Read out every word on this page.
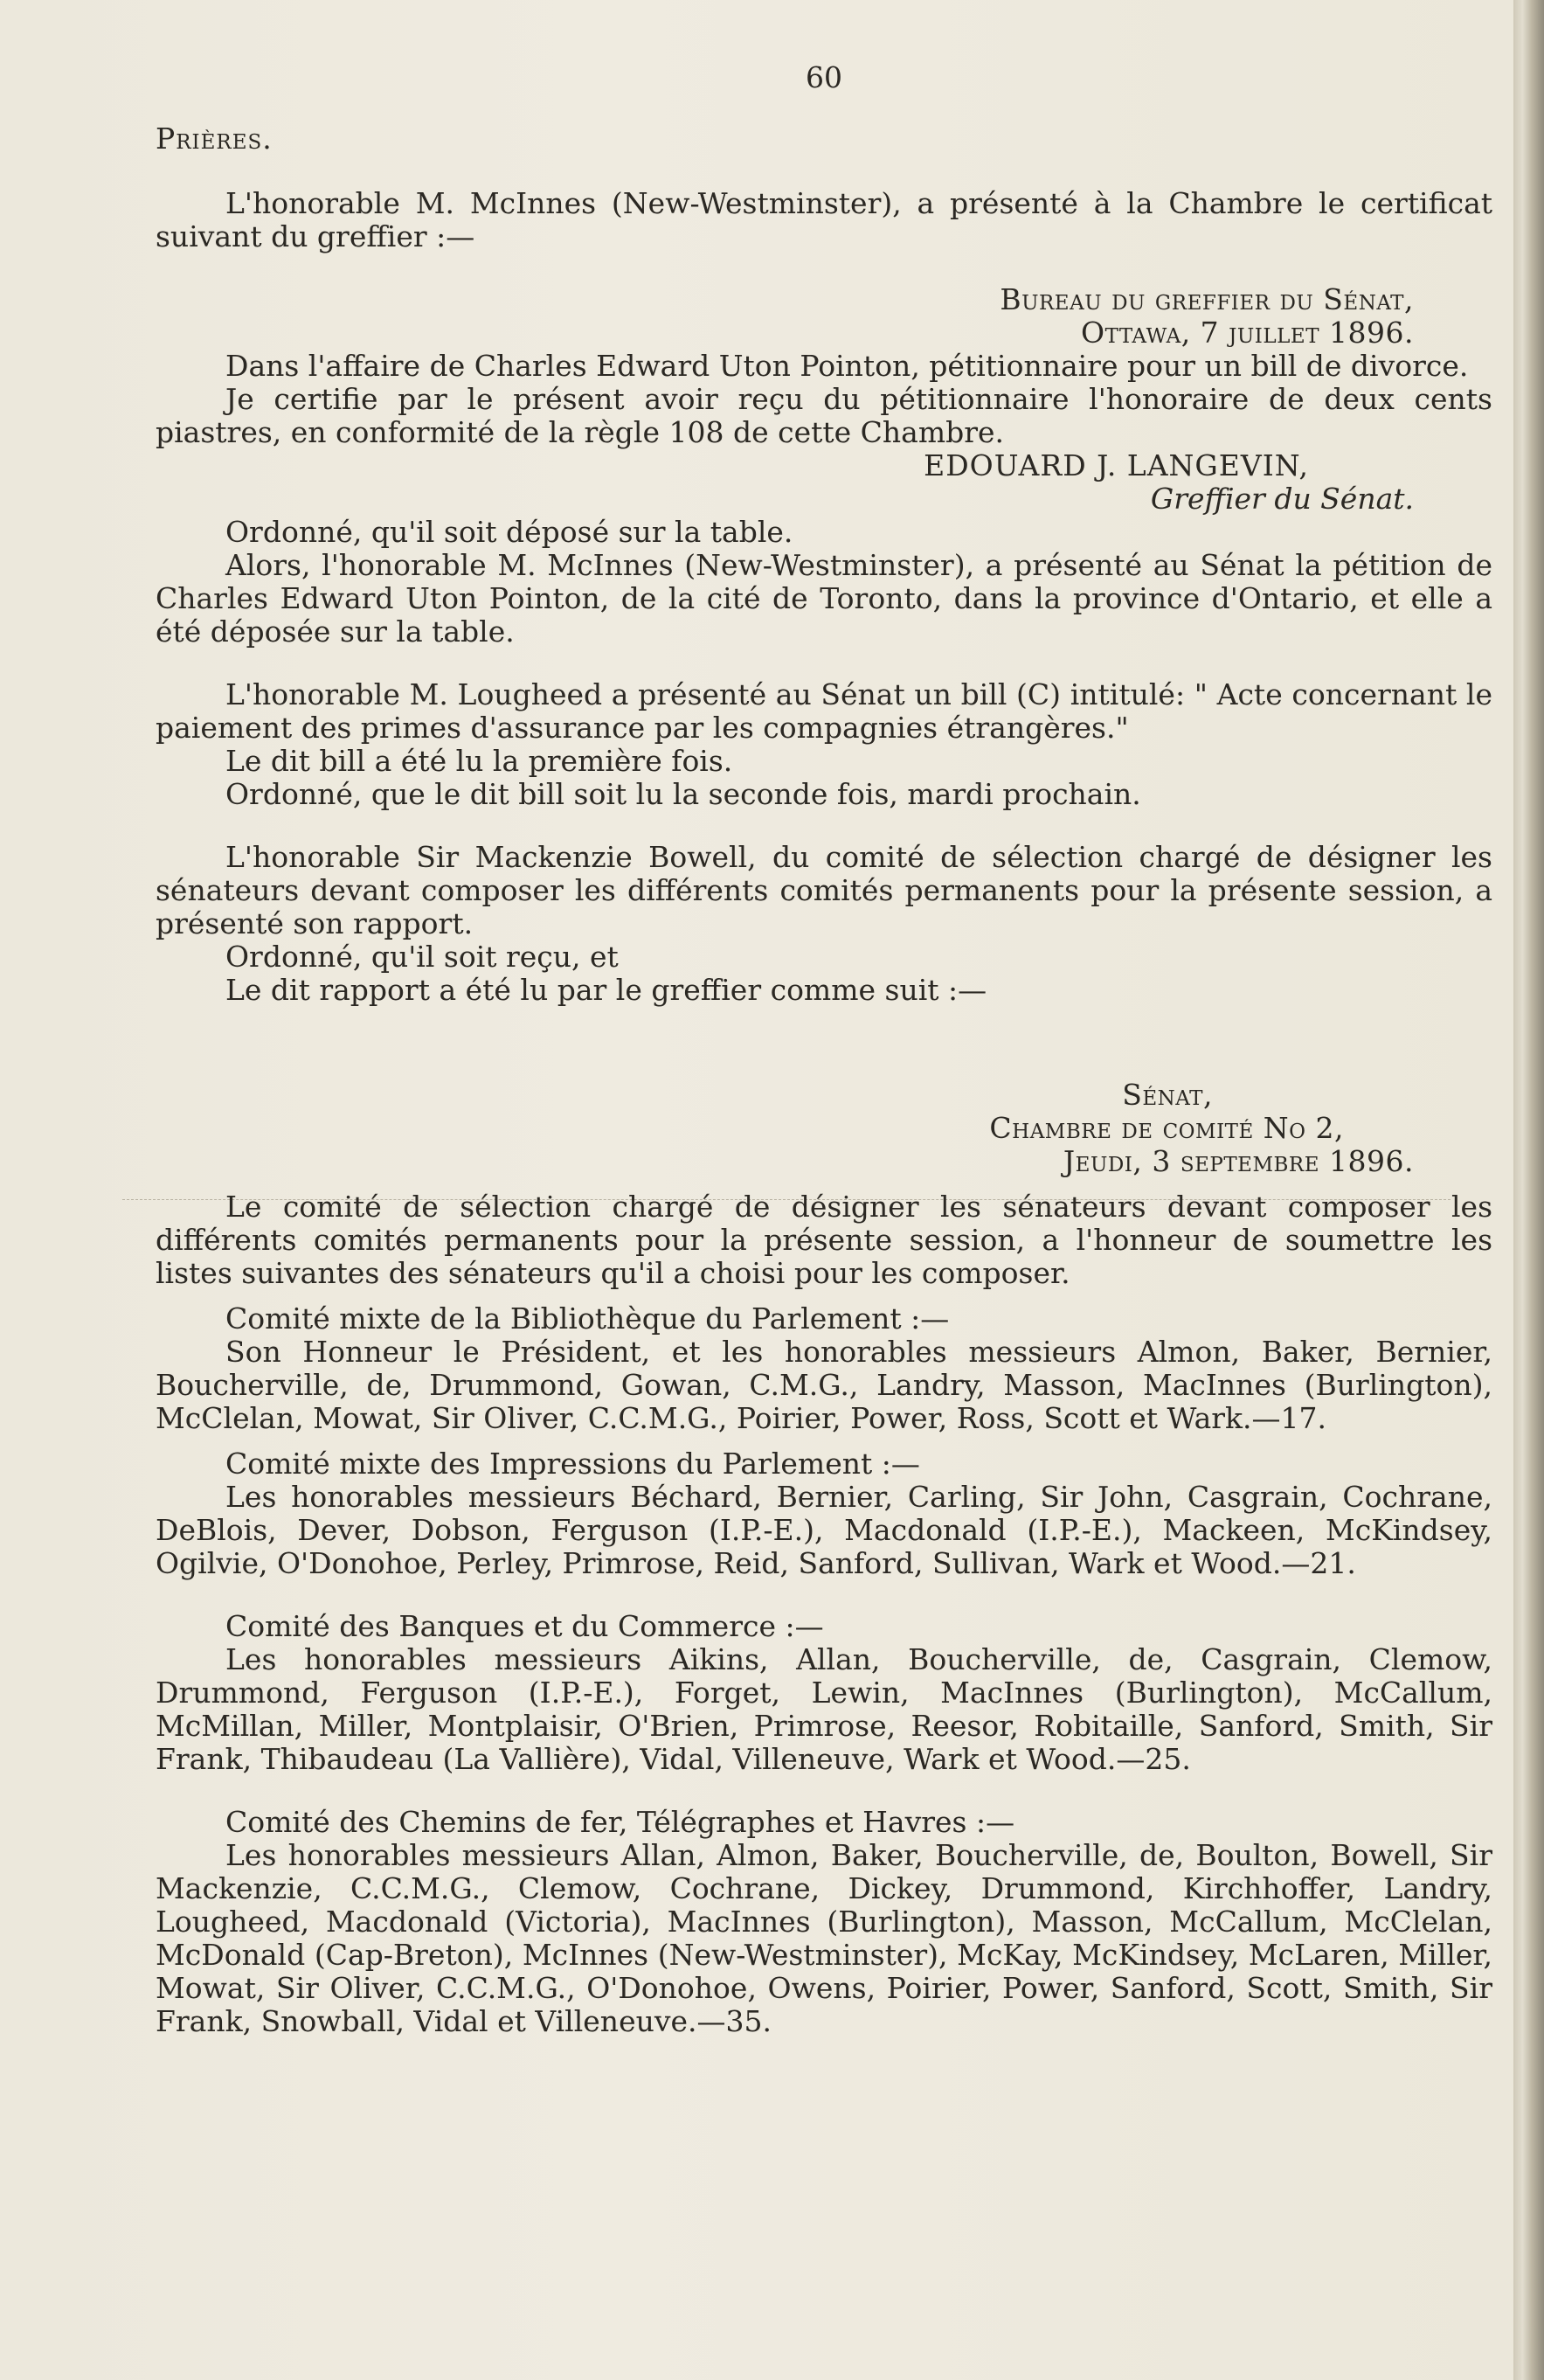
60
Prières.

L'honorable M. McInnes (New-Westminster), a présenté à la Chambre le certificat suivant du greffier :—

Bureau du greffier du Sénat,
Ottawa, 7 juillet 1896.

Dans l'affaire de Charles Edward Uton Pointon, pétitionnaire pour un bill de divorce.

Je certifie par le présent avoir reçu du pétitionnaire l'honoraire de deux cents piastres, en conformité de la règle 108 de cette Chambre.

EDOUARD J. LANGEVIN,
Greffier du Sénat.

Ordonné, qu'il soit déposé sur la table.

Alors, l'honorable M. McInnes (New-Westminster), a présenté au Sénat la pétition de Charles Edward Uton Pointon, de la cité de Toronto, dans la province d'Ontario, et elle a été déposée sur la table.

L'honorable M. Lougheed a présenté au Sénat un bill (C) intitulé: " Acte concernant le paiement des primes d'assurance par les compagnies étrangères."

Le dit bill a été lu la première fois.

Ordonné, que le dit bill soit lu la seconde fois, mardi prochain.

L'honorable Sir Mackenzie Bowell, du comité de sélection chargé de désigner les sénateurs devant composer les différents comités permanents pour la présente session, a présenté son rapport.

Ordonné, qu'il soit reçu, et

Le dit rapport a été lu par le greffier comme suit :—

Sénat,
Chambre de comité No 2,
Jeudi, 3 septembre 1896.

Le comité de sélection chargé de désigner les sénateurs devant composer les différents comités permanents pour la présente session, a l'honneur de soumettre les listes suivantes des sénateurs qu'il a choisi pour les composer.

Comité mixte de la Bibliothèque du Parlement :—

Son Honneur le Président, et les honorables messieurs Almon, Baker, Bernier, Boucherville, de, Drummond, Gowan, C.M.G., Landry, Masson, MacInnes (Burlington), McClelan, Mowat, Sir Oliver, C.C.M.G., Poirier, Power, Ross, Scott et Wark.—17.

Comité mixte des Impressions du Parlement :—

Les honorables messieurs Béchard, Bernier, Carling, Sir John, Casgrain, Cochrane, DeBlois, Dever, Dobson, Ferguson (I.P.-E.), Macdonald (I.P.-E.), Mackeen, McKindsey, Ogilvie, O'Donohoe, Perley, Primrose, Reid, Sanford, Sullivan, Wark et Wood.—21.

Comité des Banques et du Commerce :—

Les honorables messieurs Aikins, Allan, Boucherville, de, Casgrain, Clemow, Drummond, Ferguson (I.P.-E.), Forget, Lewin, MacInnes (Burlington), McCallum, McMillan, Miller, Montplaisir, O'Brien, Primrose, Reesor, Robitaille, Sanford, Smith, Sir Frank, Thibaudeau (La Vallière), Vidal, Villeneuve, Wark et Wood.—25.

Comité des Chemins de fer, Télégraphes et Havres :—

Les honorables messieurs Allan, Almon, Baker, Boucherville, de, Boulton, Bowell, Sir Mackenzie, C.C.M.G., Clemow, Cochrane, Dickey, Drummond, Kirchhoffer, Landry, Lougheed, Macdonald (Victoria), MacInnes (Burlington), Masson, McCallum, McClelan, McDonald (Cap-Breton), McInnes (New-Westminster), McKay, McKindsey, McLaren, Miller, Mowat, Sir Oliver, C.C.M.G., O'Donohoe, Owens, Poirier, Power, Sanford, Scott, Smith, Sir Frank, Snowball, Vidal et Villeneuve.—35.
